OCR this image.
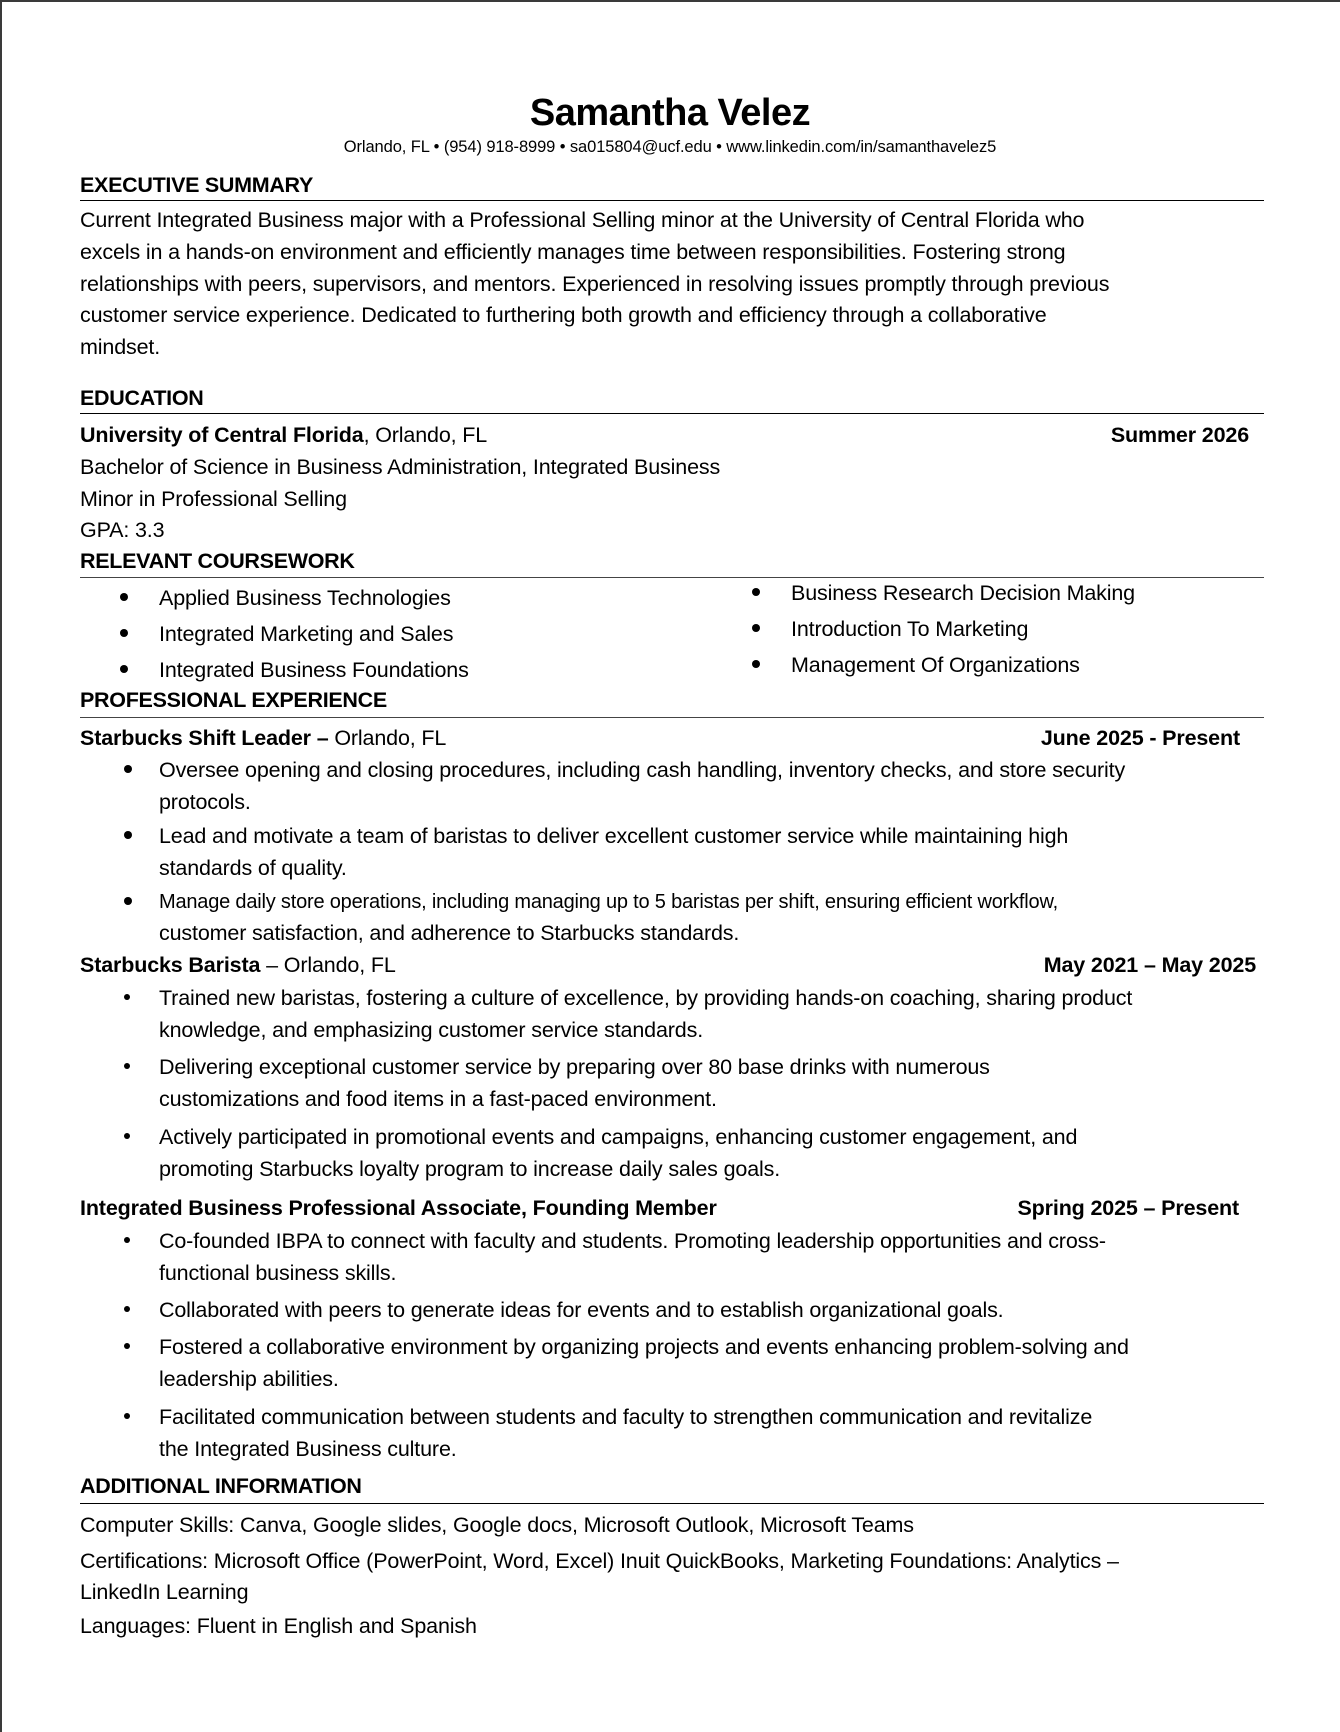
Samantha Velez
Orlando, FL • (954) 918-8999 • sa015804@ucf.edu • www.linkedin.com/in/samanthavelez5
EXECUTIVE SUMMARY
Current Integrated Business major with a Professional Selling minor at the University of Central Florida who
excels in a hands-on environment and efficiently manages time between responsibilities. Fostering strong
relationships with peers, supervisors, and mentors. Experienced in resolving issues promptly through previous
customer service experience. Dedicated to furthering both growth and efficiency through a collaborative
mindset.
EDUCATION
University of Central Florida, Orlando, FL	Summer 2026
Bachelor of Science in Business Administration, Integrated Business
Minor in Professional Selling
GPA: 3.3
RELEVANT COURSEWORK
Applied Business Technologies
Integrated Marketing and Sales
Integrated Business Foundations
Business Research Decision Making
Introduction To Marketing
Management Of Organizations
PROFESSIONAL EXPERIENCE
Starbucks Shift Leader – Orlando, FL	June 2025 - Present
Oversee opening and closing procedures, including cash handling, inventory checks, and store security
protocols.
Lead and motivate a team of baristas to deliver excellent customer service while maintaining high
standards of quality.
Manage daily store operations, including managing up to 5 baristas per shift, ensuring efficient workflow,
customer satisfaction, and adherence to Starbucks standards.
Starbucks Barista – Orlando, FL	May 2021 – May 2025
Trained new baristas, fostering a culture of excellence, by providing hands-on coaching, sharing product
knowledge, and emphasizing customer service standards.
Delivering exceptional customer service by preparing over 80 base drinks with numerous
customizations and food items in a fast-paced environment.
Actively participated in promotional events and campaigns, enhancing customer engagement, and
promoting Starbucks loyalty program to increase daily sales goals.
Integrated Business Professional Associate, Founding Member	Spring 2025 – Present
Co-founded IBPA to connect with faculty and students. Promoting leadership opportunities and cross-
functional business skills.
Collaborated with peers to generate ideas for events and to establish organizational goals.
Fostered a collaborative environment by organizing projects and events enhancing problem-solving and
leadership abilities.
Facilitated communication between students and faculty to strengthen communication and revitalize
the Integrated Business culture.
ADDITIONAL INFORMATION
Computer Skills: Canva, Google slides, Google docs, Microsoft Outlook, Microsoft Teams
Certifications: Microsoft Office (PowerPoint, Word, Excel) Inuit QuickBooks, Marketing Foundations: Analytics –
LinkedIn Learning
Languages: Fluent in English and Spanish
